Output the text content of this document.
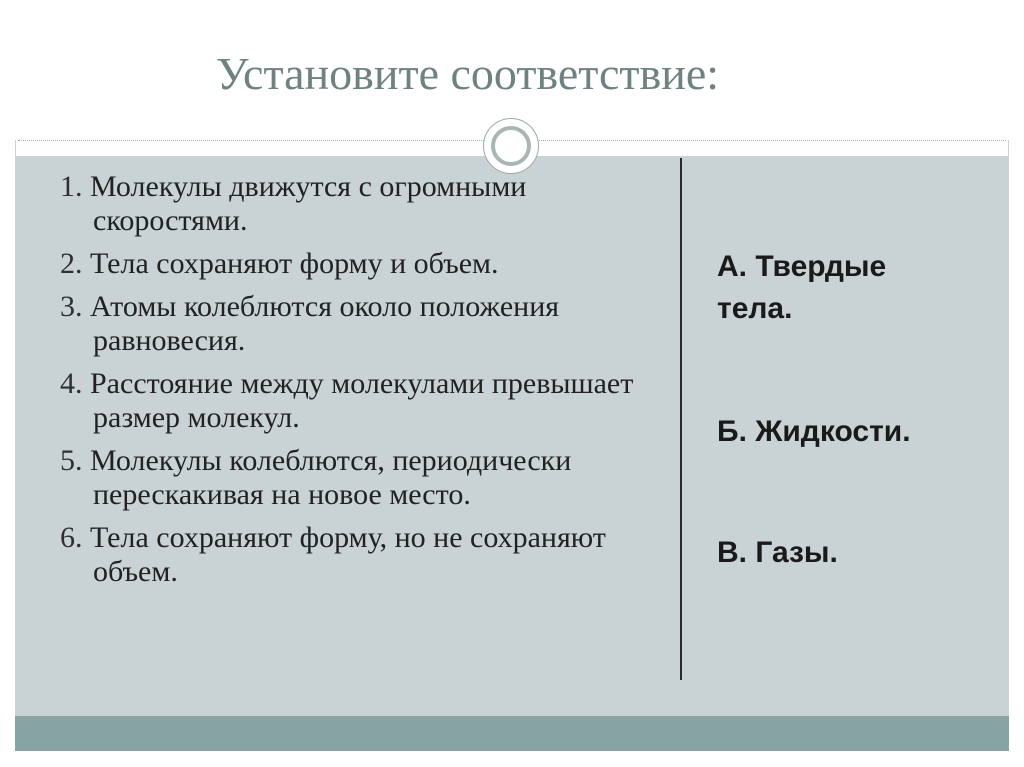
Установите соответствие:
1. Молекулы движутся с огромными скоростями.
2. Тела сохраняют форму и объем.
3. Атомы колеблются около положения равновесия.
4. Расстояние между молекулами превышает размер молекул.
5. Молекулы колеблются, периодически перескакивая на новое место.
6. Тела сохраняют форму, но не сохраняют объем.
А. Твердые тела.
Б. Жидкости.
В. Газы.
